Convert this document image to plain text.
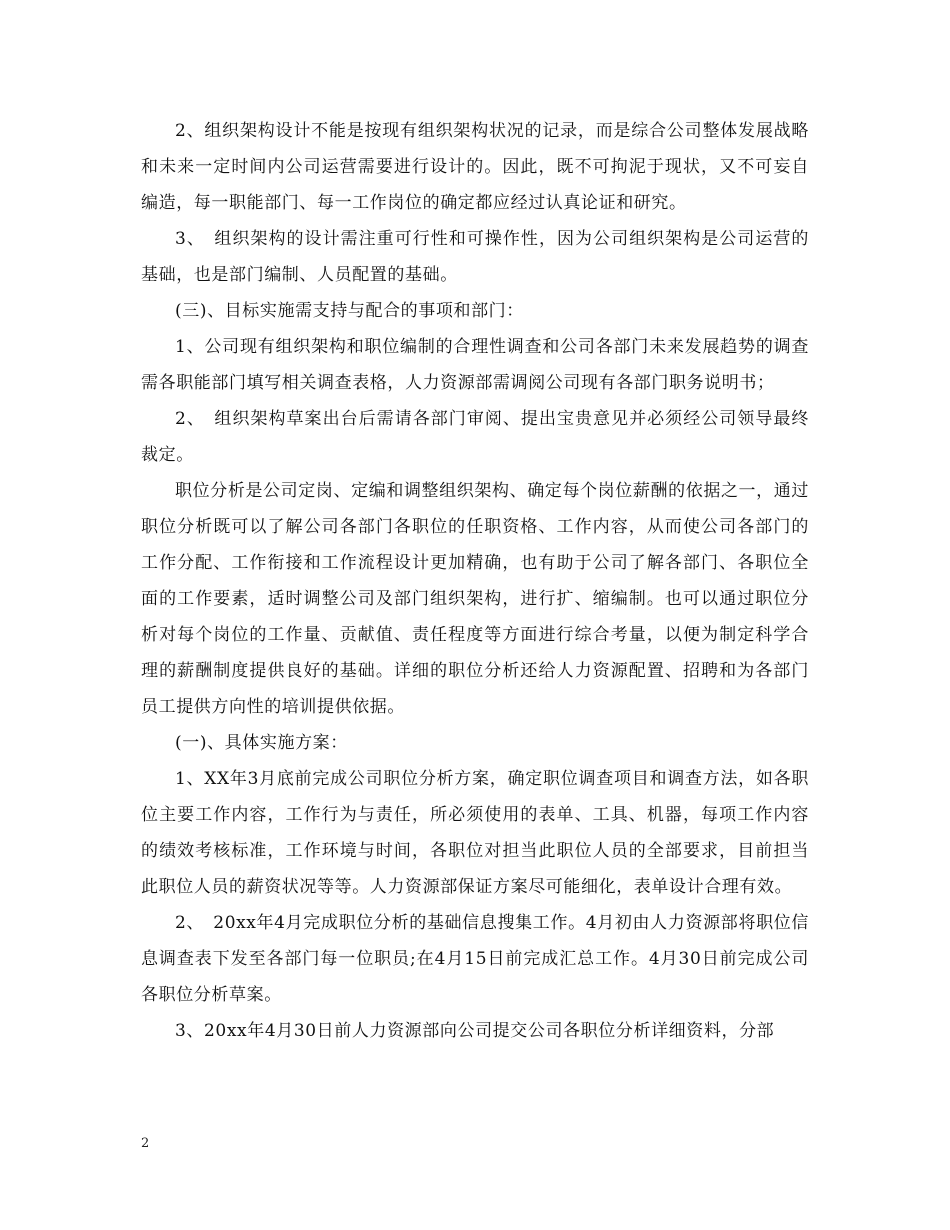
2、组织架构设计不能是按现有组织架构状况的记录，而是综合公司整体发展战略和未来一定时间内公司运营需要进行设计的。因此，既不可拘泥于现状，又不可妄自编造，每一职能部门、每一工作岗位的确定都应经过认真论证和研究。

3、　组织架构的设计需注重可行性和可操作性，因为公司组织架构是公司运营的基础，也是部门编制、人员配置的基础。

(三)、目标实施需支持与配合的事项和部门：

1、公司现有组织架构和职位编制的合理性调查和公司各部门未来发展趋势的调查需各职能部门填写相关调查表格，人力资源部需调阅公司现有各部门职务说明书；

2、　组织架构草案出台后需请各部门审阅、提出宝贵意见并必须经公司领导最终裁定。

职位分析是公司定岗、定编和调整组织架构、确定每个岗位薪酬的依据之一，通过职位分析既可以了解公司各部门各职位的任职资格、工作内容，从而使公司各部门的工作分配、工作衔接和工作流程设计更加精确，也有助于公司了解各部门、各职位全面的工作要素，适时调整公司及部门组织架构，进行扩、缩编制。也可以通过职位分析对每个岗位的工作量、贡献值、责任程度等方面进行综合考量，以便为制定科学合理的薪酬制度提供良好的基础。详细的职位分析还给人力资源配置、招聘和为各部门员工提供方向性的培训提供依据。

(一)、具体实施方案：

1、XX年3月底前完成公司职位分析方案，确定职位调查项目和调查方法，如各职位主要工作内容，工作行为与责任，所必须使用的表单、工具、机器，每项工作内容的绩效考核标准，工作环境与时间，各职位对担当此职位人员的全部要求，目前担当此职位人员的薪资状况等等。人力资源部保证方案尽可能细化，表单设计合理有效。

2、　20xx年4月完成职位分析的基础信息搜集工作。4月初由人力资源部将职位信息调查表下发至各部门每一位职员;在4月15日前完成汇总工作。4月30日前完成公司各职位分析草案。

3、20xx年4月30日前人力资源部向公司提交公司各职位分析详细资料，分部

2
